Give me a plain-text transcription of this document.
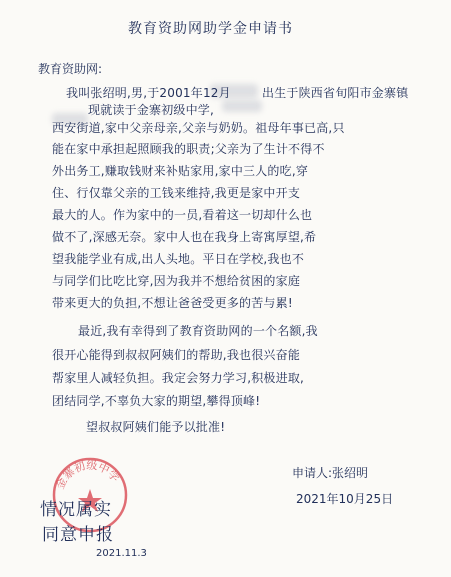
教育资助网助学金申请书
教育资助网:
我叫张绍明,男,于2001年12月	出生于陕西省旬阳市金寨镇
现就读于金寨初级中学,
西安街道,家中父亲母亲,父亲与奶奶。祖母年事已高,只
能在家中承担起照顾我的职责;父亲为了生计不得不
外出务工,赚取钱财来补贴家用,家中三人的吃,穿
住、行仅靠父亲的工钱来维持,我更是家中开支
最大的人。作为家中的一员,看着这一切却什么也
做不了,深感无奈。家中人也在我身上寄寓厚望,希
望我能学业有成,出人头地。平日在学校,我也不
与同学们比吃比穿,因为我并不想给贫困的家庭
带来更大的负担,不想让爸爸受更多的苦与累!
最近,我有幸得到了教育资助网的一个名额,我
很开心能得到叔叔阿姨们的帮助,我也很兴奋能
帮家里人减轻负担。我定会努力学习,积极进取,
团结同学,不辜负大家的期望,攀得顶峰!
望叔叔阿姨们能予以批准!
申请人:张绍明
2021年10月25日
金寨初级中学
情况属实
同意申报
2021.11.3
